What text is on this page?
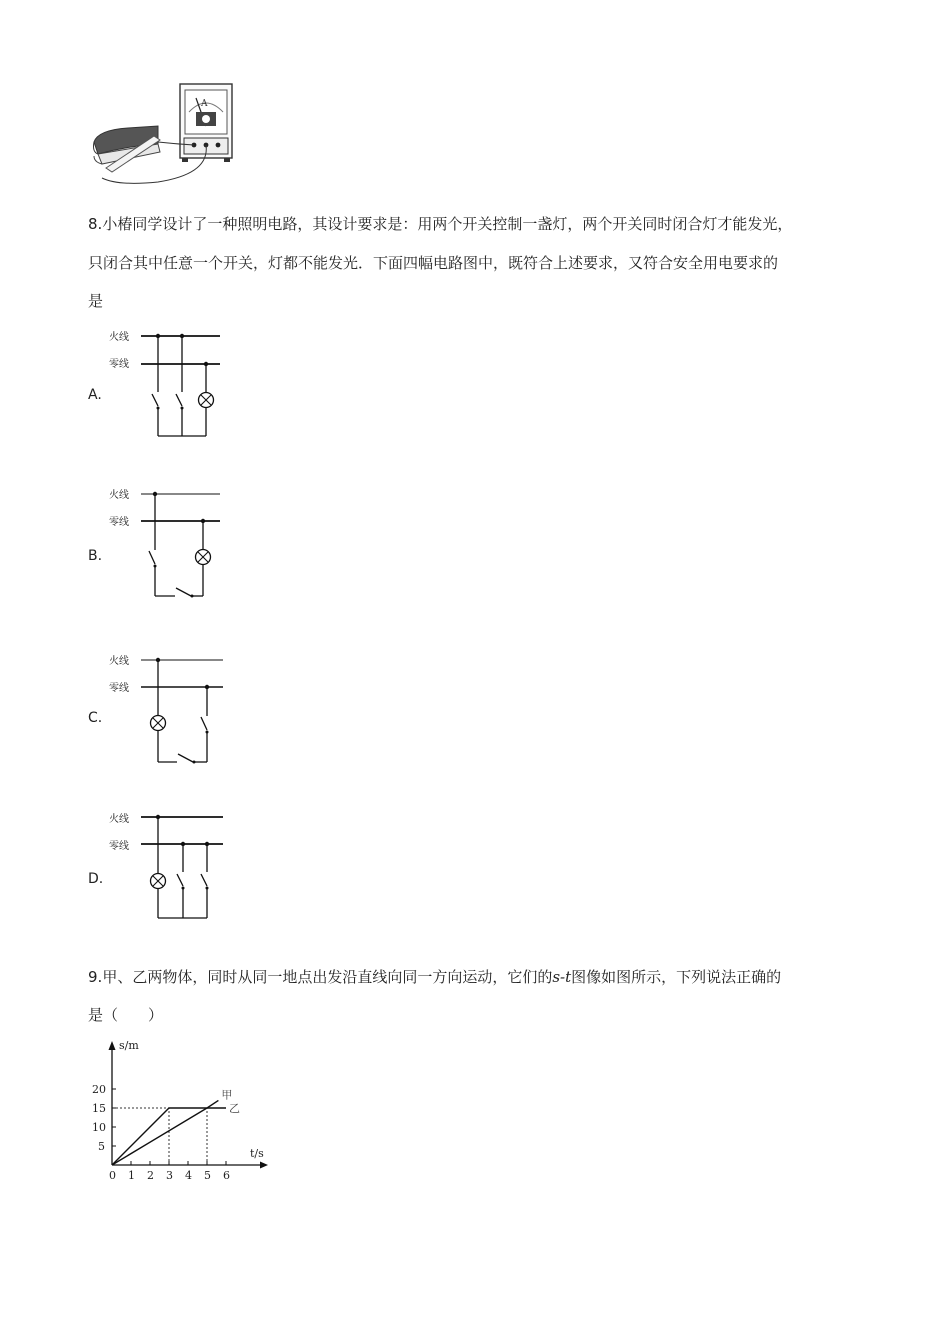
A
8.小椿同学设计了一种照明电路，其设计要求是：用两个开关控制一盏灯，两个开关同时闭合灯才能发光，
只闭合其中任意一个开关，灯都不能发光．下面四幅电路图中，既符合上述要求，又符合安全用电要求的
是
A.
火线
零线
B.
火线
零线
C.
火线
零线
D.
火线
零线
9.甲、乙两物体，同时从同一地点出发沿直线向同一方向运动，它们的s-t图像如图所示，下列说法正确的
是（　　）
s/m
t/s
0 1 2 3 4 5 6
5
10
15
20	甲
乙
